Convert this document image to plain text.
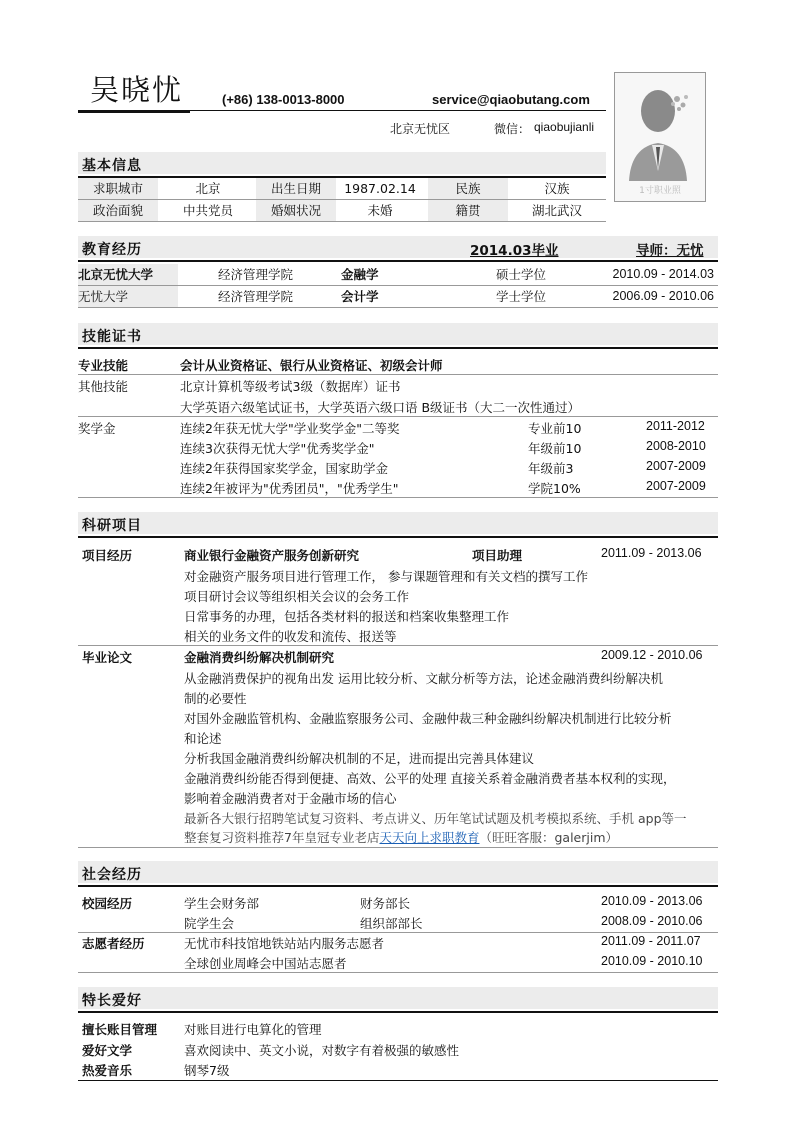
吴晓忧	(+86) 138-0013-8000	service@qiaobutang.com
北京无忧区	微信： qiaobujianli
1寸职业照
基本信息
求职城市	北京	出生日期	1987.02.14	民族	汉族
政治面貌	中共党员	婚姻状况	未婚	籍贯	湖北武汉
教育经历	2014.03毕业	导师：无忧
北京无忧大学	经济管理学院	金融学	硕士学位	2010.09 - 2014.03
无忧大学	经济管理学院	会计学	学士学位	2006.09 - 2010.06
技能证书
专业技能	会计从业资格证、银行从业资格证、初级会计师
其他技能	北京计算机等级考试3级（数据库）证书
大学英语六级笔试证书，大学英语六级口语 B级证书（大二一次性通过）
奖学金	连续2年获无忧大学"学业奖学金"二等奖	专业前10	2011-2012
连续3次获得无忧大学"优秀奖学金"	年级前10	2008-2010
连续2年获得国家奖学金，国家助学金	年级前3	2007-2009
连续2年被评为"优秀团员"，"优秀学生"	学院10%	2007-2009
科研项目
项目经历	商业银行金融资产服务创新研究	项目助理	2011.09 - 2013.06
对金融资产服务项目进行管理工作， 参与课题管理和有关文档的撰写工作
项目研讨会议等组织相关会议的会务工作
日常事务的办理，包括各类材料的报送和档案收集整理工作
相关的业务文件的收发和流传、报送等
毕业论文	金融消费纠纷解决机制研究	2009.12 - 2010.06
从金融消费保护的视角出发 运用比较分析、文献分析等方法，论述金融消费纠纷解决机
制的必要性
对国外金融监管机构、金融监察服务公司、金融仲裁三种金融纠纷解决机制进行比较分析
和论述
分析我国金融消费纠纷解决机制的不足，进而提出完善具体建议
金融消费纠纷能否得到便捷、高效、公平的处理 直接关系着金融消费者基本权利的实现，
影响着金融消费者对于金融市场的信心
最新各大银行招聘笔试复习资料、考点讲义、历年笔试试题及机考模拟系统、手机 app等一
整套复习资料推荐7年皇冠专业老店天天向上求职教育（旺旺客服：galerjim）
社会经历
校园经历	学生会财务部	财务部长	2010.09 - 2013.06
院学生会	组织部部长	2008.09 - 2010.06
志愿者经历	无忧市科技馆地铁站站内服务志愿者	2011.09 - 2011.07
全球创业周峰会中国站志愿者	2010.09 - 2010.10
特长爱好
擅长账目管理 对账目进行电算化的管理
爱好文学	喜欢阅读中、英文小说，对数字有着极强的敏感性
热爱音乐	钢琴7级
